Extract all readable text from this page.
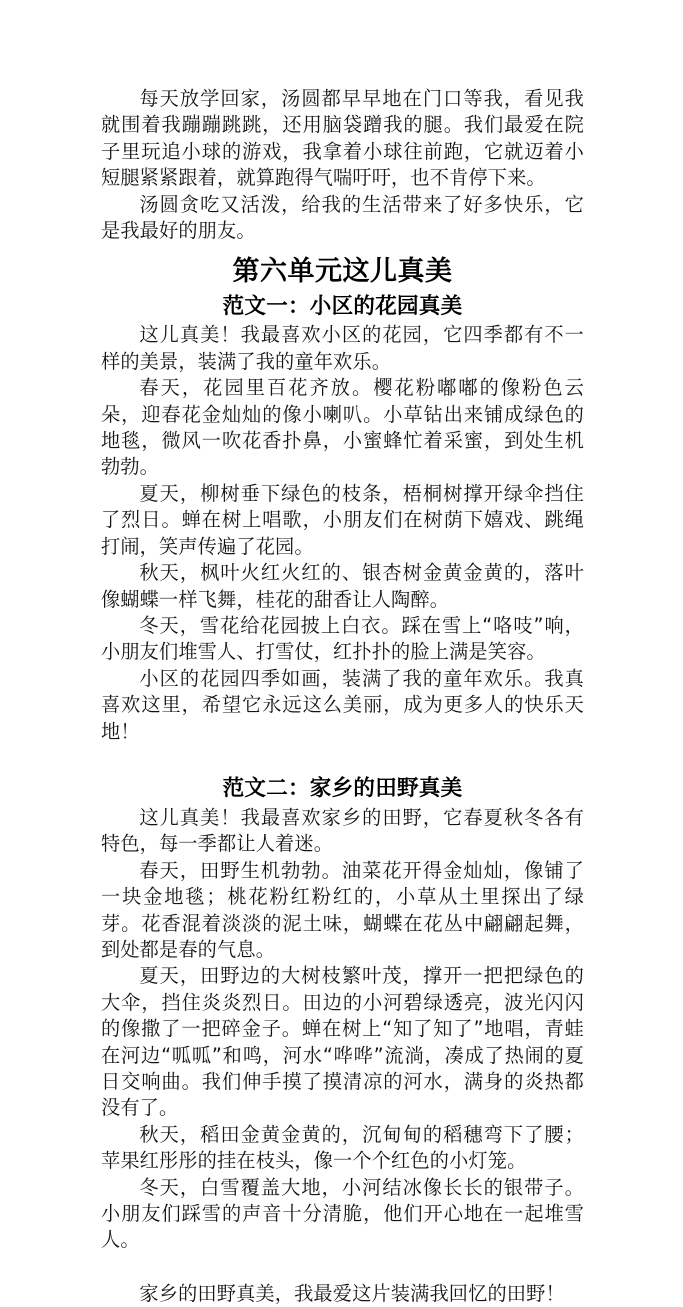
每天放学回家，汤圆都早早地在门口等我，看见我就围着我蹦蹦跳跳，还用脑袋蹭我的腿。我们最爱在院子里玩追小球的游戏，我拿着小球往前跑，它就迈着小短腿紧紧跟着，就算跑得气喘吁吁，也不肯停下来。

汤圆贪吃又活泼，给我的生活带来了好多快乐，它是我最好的朋友。

第六单元这儿真美
范文一：小区的花园真美

这儿真美！我最喜欢小区的花园，它四季都有不一样的美景，装满了我的童年欢乐。

春天，花园里百花齐放。樱花粉嘟嘟的像粉色云朵，迎春花金灿灿的像小喇叭。小草钻出来铺成绿色的地毯，微风一吹花香扑鼻，小蜜蜂忙着采蜜，到处生机勃勃。

夏天，柳树垂下绿色的枝条，梧桐树撑开绿伞挡住了烈日。蝉在树上唱歌，小朋友们在树荫下嬉戏、跳绳打闹，笑声传遍了花园。

秋天，枫叶火红火红的、银杏树金黄金黄的，落叶像蝴蝶一样飞舞，桂花的甜香让人陶醉。

冬天，雪花给花园披上白衣。踩在雪上“咯吱”响，小朋友们堆雪人、打雪仗，红扑扑的脸上满是笑容。

小区的花园四季如画，装满了我的童年欢乐。我真喜欢这里，希望它永远这么美丽，成为更多人的快乐天地！

范文二：家乡的田野真美

这儿真美！我最喜欢家乡的田野，它春夏秋冬各有特色，每一季都让人着迷。

春天，田野生机勃勃。油菜花开得金灿灿，像铺了一块金地毯；桃花粉红粉红的，小草从土里探出了绿芽。花香混着淡淡的泥土味，蝴蝶在花丛中翩翩起舞，到处都是春的气息。

夏天，田野边的大树枝繁叶茂，撑开一把把绿色的大伞，挡住炎炎烈日。田边的小河碧绿透亮，波光闪闪的像撒了一把碎金子。蝉在树上“知了知了”地唱，青蛙在河边“呱呱”和鸣，河水“哗哗”流淌，凑成了热闹的夏日交响曲。我们伸手摸了摸清凉的河水，满身的炎热都没有了。

秋天，稻田金黄金黄的，沉甸甸的稻穗弯下了腰；苹果红彤彤的挂在枝头，像一个个红色的小灯笼。

冬天，白雪覆盖大地，小河结冰像长长的银带子。小朋友们踩雪的声音十分清脆，他们开心地在一起堆雪人。

家乡的田野真美，我最爱这片装满我回忆的田野！
